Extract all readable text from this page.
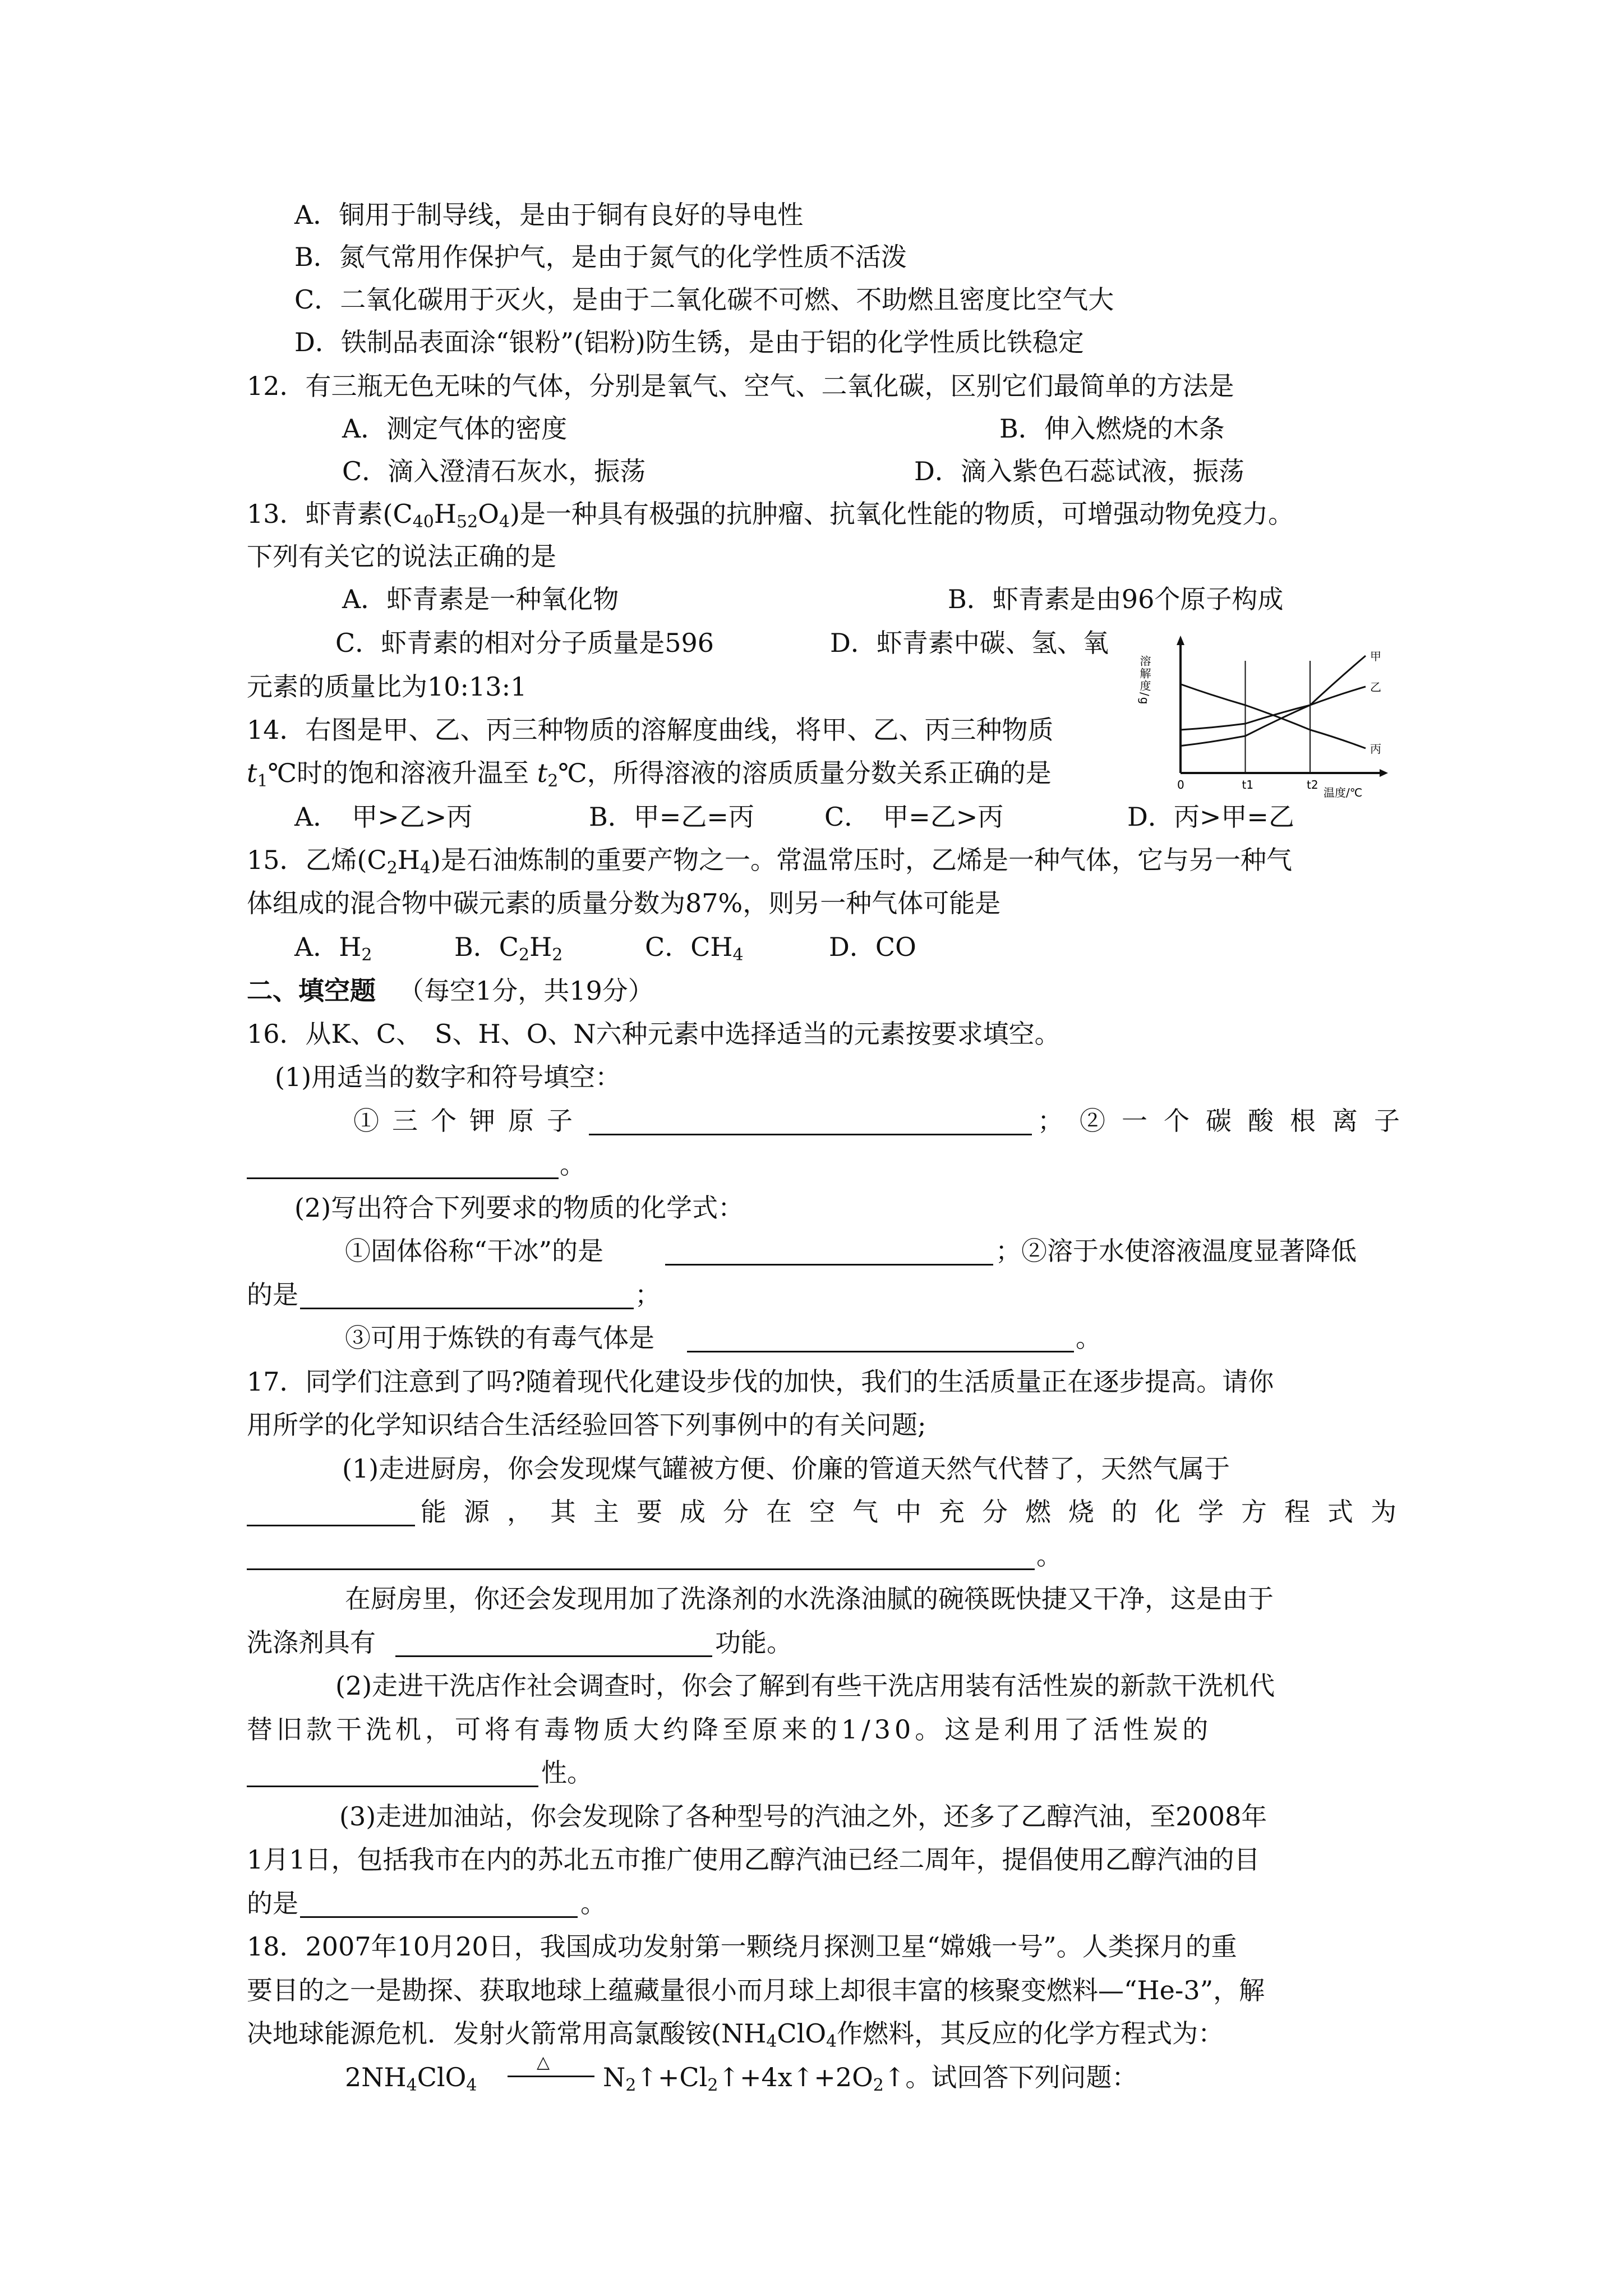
A．铜用于制导线，是由于铜有良好的导电性
B．氮气常用作保护气，是由于氮气的化学性质不活泼
C．二氧化碳用于灭火，是由于二氧化碳不可燃、不助燃且密度比空气大
D．铁制品表面涂“银粉”(铝粉)防生锈，是由于铝的化学性质比铁稳定
12．有三瓶无色无味的气体，分别是氧气、空气、二氧化碳，区别它们最简单的方法是
A．测定气体的密度	B．伸入燃烧的木条
C．滴入澄清石灰水，振荡	D．滴入紫色石蕊试液，振荡
13．虾青素$(C_{40}H_{52}O_4)$是一种具有极强的抗肿瘤、抗氧化性能的物质，可增强动物免疫力。
下列有关它的说法正确的是
A．虾青素是一种氧化物	B．虾青素是由96个原子构成
C．虾青素的相对分子质量是596	D．虾青素中碳、氢、氧
元素的质量比为10:13:1	溶解度/g
温度/℃
0	t1	t2
甲
乙
丙
14．右图是甲、乙、丙三种物质的溶解度曲线，将甲、乙、丙三种物质
$t_1℃$时的饱和溶液升温至 $t_2℃$，所得溶液的溶质质量分数关系正确的是
A．　甲>乙>丙	B．甲=乙=丙	C．　甲=乙>丙	D．丙>甲=乙
15．乙烯$(C_2H_4)$是石油炼制的重要产物之一。常温常压时，乙烯是一种气体，它与另一种气
体组成的混合物中碳元素的质量分数为87%，则另一种气体可能是
A．$H_2$	B．$C_2H_2$	C．$CH_4$	D．CO
二、填空题 （每空1分，共19分）
16．从K、C、　S、H、O、N六种元素中选择适当的元素按要求填空。
(1)用适当的数字和符号填空：
①三个钾原子	；②一个碳酸根离子
。
(2)写出符合下列要求的物质的化学式：
①固体俗称“干冰”的是	；②溶于水使溶液温度显著降低
的是	；
③可用于炼铁的有毒气体是	。
17．同学们注意到了吗?随着现代化建设步伐的加快，我们的生活质量正在逐步提高。请你
用所学的化学知识结合生活经验回答下列事例中的有关问题;
(1)走进厨房，你会发现煤气罐被方便、价廉的管道天然气代替了，天然气属于
能源，其主要成分在空气中充分燃烧的化学方程式为
。
在厨房里，你还会发现用加了洗涤剂的水洗涤油腻的碗筷既快捷又干净，这是由于
洗涤剂具有	功能。
(2)走进干洗店作社会调查时，你会了解到有些干洗店用装有活性炭的新款干洗机代
替旧款干洗机，可将有毒物质大约降至原来的1/30。这是利用了活性炭的
性。
(3)走进加油站，你会发现除了各种型号的汽油之外，还多了乙醇汽油，至2008年
1月1日，包括我市在内的苏北五市推广使用乙醇汽油已经二周年，提倡使用乙醇汽油的目
的是	。
18．2007年10月20日，我国成功发射第一颗绕月探测卫星“嫦娥一号”。人类探月的重
要目的之一是勘探、获取地球上蕴藏量很小而月球上却很丰富的核聚变燃料—“He-3”，解
决地球能源危机．发射火箭常用高氯酸铵($NH_4ClO_4$作燃料，其反应的化学方程式为：
$2NH_4ClO_4$
△ $N_2↑+Cl_2↑+4x↑+2O_2↑$。试回答下列问题：
